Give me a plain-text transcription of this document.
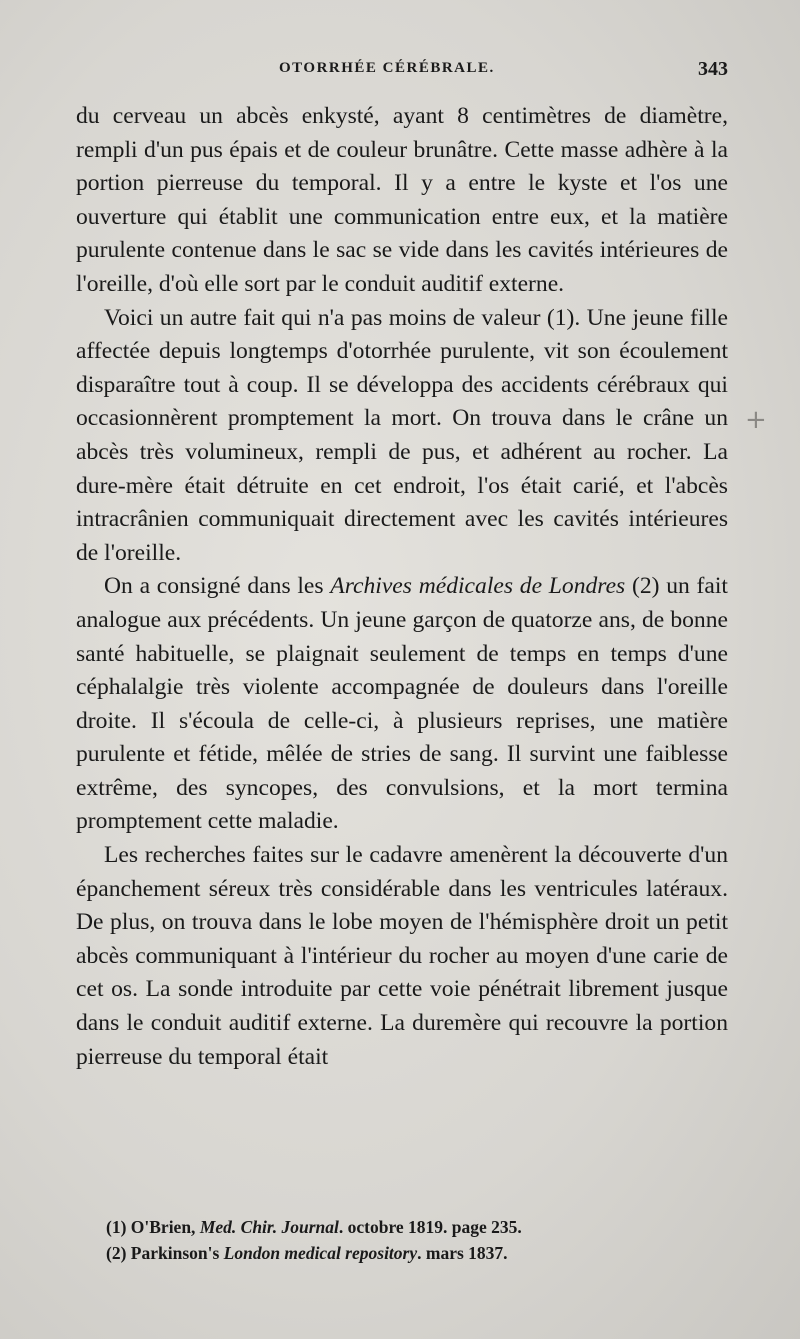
OTORRHÉE CÉRÉBRALE.	343

du cerveau un abcès enkysté, ayant 8 centimètres de diamètre, rempli d'un pus épais et de couleur brunâtre. Cette masse adhère à la portion pierreuse du temporal. Il y a entre le kyste et l'os une ouverture qui établit une communication entre eux, et la matière purulente contenue dans le sac se vide dans les cavités intérieures de l'oreille, d'où elle sort par le conduit auditif externe.

Voici un autre fait qui n'a pas moins de valeur (1). Une jeune fille affectée depuis longtemps d'otorrhée purulente, vit son écoulement disparaître tout à coup. Il se développa des accidents cérébraux qui occasionnèrent promptement la mort. On trouva dans le crâne un abcès très volumineux, rempli de pus, et adhérent au rocher. La dure-mère était détruite en cet endroit, l'os était carié, et l'abcès intracrânien communiquait directement avec les cavités intérieures de l'oreille.

On a consigné dans les Archives médicales de Londres (2) un fait analogue aux précédents. Un jeune garçon de quatorze ans, de bonne santé habituelle, se plaignait seulement de temps en temps d'une céphalalgie très violente accompagnée de douleurs dans l'oreille droite. Il s'écoula de celle-ci, à plusieurs reprises, une matière purulente et fétide, mêlée de stries de sang. Il survint une faiblesse extrême, des syncopes, des convulsions, et la mort termina promptement cette maladie.

Les recherches faites sur le cadavre amenèrent la découverte d'un épanchement séreux très considérable dans les ventricules latéraux. De plus, on trouva dans le lobe moyen de l'hémisphère droit un petit abcès communiquant à l'intérieur du rocher au moyen d'une carie de cet os. La sonde introduite par cette voie pénétrait librement jusque dans le conduit auditif externe. La duremère qui recouvre la portion pierreuse du temporal était

+

(1) O'Brien, Med. Chir. Journal. octobre 1819. page 235.

(2) Parkinson's London medical repository. mars 1837.
